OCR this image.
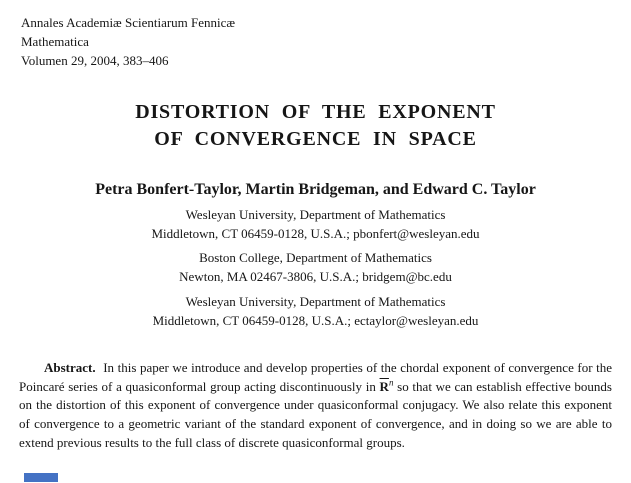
Annales Academiæ Scientiarum Fennicæ
Mathematica
Volumen 29, 2004, 383–406
DISTORTION OF THE EXPONENT
OF CONVERGENCE IN SPACE
Petra Bonfert-Taylor, Martin Bridgeman, and Edward C. Taylor
Wesleyan University, Department of Mathematics
Middletown, CT 06459-0128, U.S.A.; pbonfert@wesleyan.edu
Boston College, Department of Mathematics
Newton, MA 02467-3806, U.S.A.; bridgem@bc.edu
Wesleyan University, Department of Mathematics
Middletown, CT 06459-0128, U.S.A.; ectaylor@wesleyan.edu

Abstract. In this paper we introduce and develop properties of the chordal exponent of convergence for the Poincaré series of a quasiconformal group acting discontinuously in $\overline{R}^n$ so that we can establish effective bounds on the distortion of this exponent of convergence under quasiconformal conjugacy. We also relate this exponent of convergence to a geometric variant of the standard exponent of convergence, and in doing so we are able to extend previous results to the full class of discrete quasiconformal groups.
